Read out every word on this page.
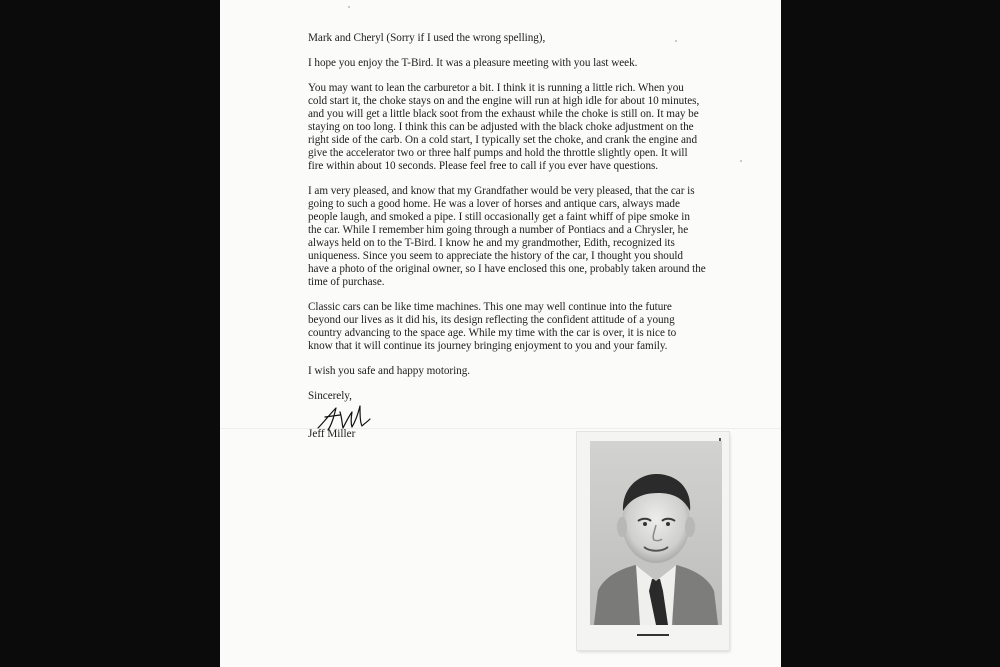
Mark and Cheryl (Sorry if I used the wrong spelling),

I hope you enjoy the T-Bird. It was a pleasure meeting with you last week.

You may want to lean the carburetor a bit. I think it is running a little rich. When you
cold start it, the choke stays on and the engine will run at high idle for about 10 minutes,
and you will get a little black soot from the exhaust while the choke is still on. It may be
staying on too long. I think this can be adjusted with the black choke adjustment on the
right side of the carb. On a cold start, I typically set the choke, and crank the engine and
give the accelerator two or three half pumps and hold the throttle slightly open. It will
fire within about 10 seconds. Please feel free to call if you ever have questions.

I am very pleased, and know that my Grandfather would be very pleased, that the car is
going to such a good home. He was a lover of horses and antique cars, always made
people laugh, and smoked a pipe. I still occasionally get a faint whiff of pipe smoke in
the car. While I remember him going through a number of Pontiacs and a Chrysler, he
always held on to the T-Bird. I know he and my grandmother, Edith, recognized its
uniqueness. Since you seem to appreciate the history of the car, I thought you should
have a photo of the original owner, so I have enclosed this one, probably taken around the
time of purchase.

Classic cars can be like time machines. This one may well continue into the future
beyond our lives as it did his, its design reflecting the confident attitude of a young
country advancing to the space age. While my time with the car is over, it is nice to
know that it will continue its journey bringing enjoyment to you and your family.

I wish you safe and happy motoring.

Sincerely,

Jeff Miller
